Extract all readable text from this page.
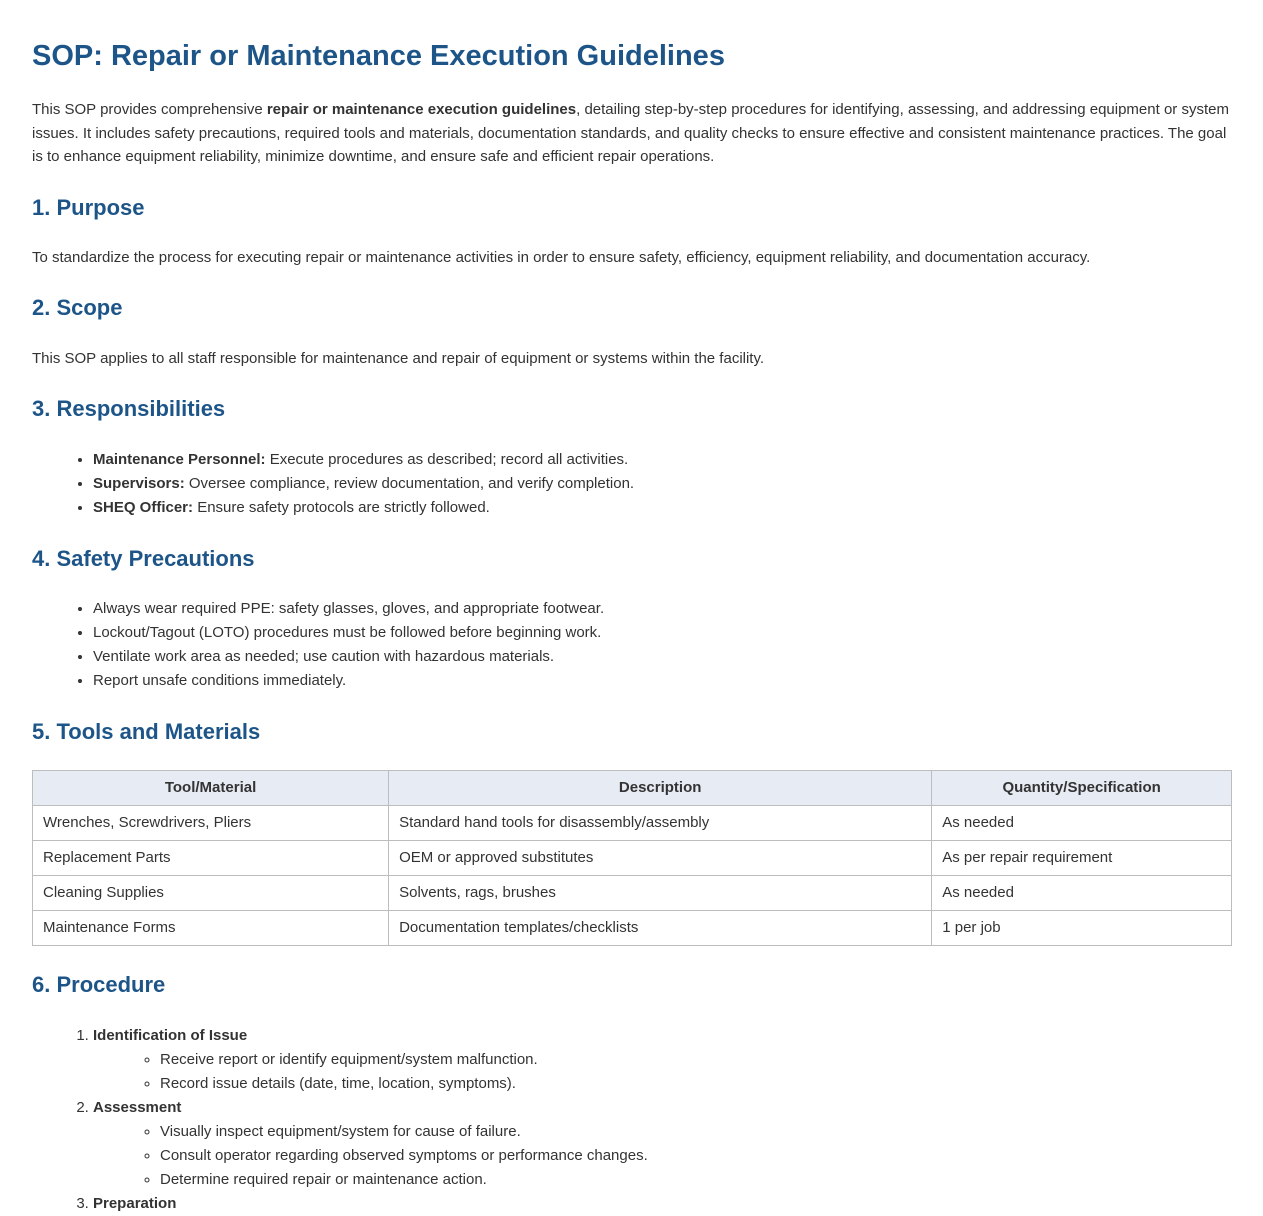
SOP: Repair or Maintenance Execution Guidelines

This SOP provides comprehensive repair or maintenance execution guidelines, detailing step-by-step procedures for identifying, assessing, and addressing equipment or system issues. It includes safety precautions, required tools and materials, documentation standards, and quality checks to ensure effective and consistent maintenance practices. The goal is to enhance equipment reliability, minimize downtime, and ensure safe and efficient repair operations.

1. Purpose

To standardize the process for executing repair or maintenance activities in order to ensure safety, efficiency, equipment reliability, and documentation accuracy.

2. Scope

This SOP applies to all staff responsible for maintenance and repair of equipment or systems within the facility.

3. Responsibilities
• Maintenance Personnel: Execute procedures as described; record all activities.
• Supervisors: Oversee compliance, review documentation, and verify completion.
• SHEQ Officer: Ensure safety protocols are strictly followed.
4. Safety Precautions
• Always wear required PPE: safety glasses, gloves, and appropriate footwear.
• Lockout/Tagout (LOTO) procedures must be followed before beginning work.
• Ventilate work area as needed; use caution with hazardous materials.
• Report unsafe conditions immediately.
5. Tools and Materials
Tool/Material	Description	Quantity/Specification
Wrenches, Screwdrivers, Pliers	Standard hand tools for disassembly/assembly	As needed
Replacement Parts	OEM or approved substitutes	As per repair requirement
Cleaning Supplies	Solvents, rags, brushes	As needed
Maintenance Forms	Documentation templates/checklists	1 per job
6. Procedure
1. Identification of Issue
◦ Receive report or identify equipment/system malfunction.
◦ Record issue details (date, time, location, symptoms).
2. Assessment
◦ Visually inspect equipment/system for cause of failure.
◦ Consult operator regarding observed symptoms or performance changes.
◦ Determine required repair or maintenance action.
3. Preparation
